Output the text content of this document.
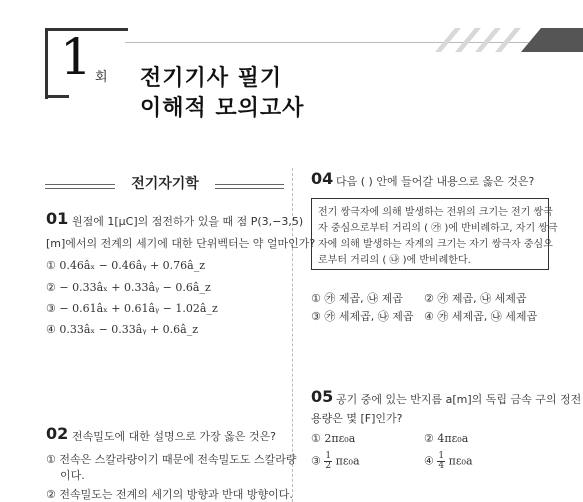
1 회 전기기사 필기
이해적 모의고사
전기자기학
01 원점에 1[μC]의 점전하가 있을 때 점 P(3,−3,5)
[m]에서의 전계의 세기에 대한 단위벡터는 약 얼마인가?
① 0.46âₓ − 0.46âᵧ + 0.76â_z
② − 0.33âₓ + 0.33âᵧ − 0.6â_z
③ − 0.61âₓ + 0.61âᵧ − 1.02â_z
④ 0.33âₓ − 0.33âᵧ + 0.6â_z
02 전속밀도에 대한 설명으로 가장 옳은 것은?
① 전속은 스칼라량이기 때문에 전속밀도도 스칼라량
이다.
② 전속밀도는 전계의 세기의 방향과 반대 방향이다.
04 다음 ( ) 안에 들어갈 내용으로 옳은 것은?
전기 쌍극자에 의해 발생하는 전위의 크기는 전기 쌍극
자 중심으로부터 거리의 ( ㉮ )에 반비례하고, 자기 쌍극
자에 의해 발생하는 자계의 크기는 자기 쌍극자 중심으
로부터 거리의 ( ㉯ )에 반비례한다.
① ㉮ 제곱, ㉯ 제곱 ② ㉮ 제곱, ㉯ 세제곱
③ ㉮ 세제곱, ㉯ 제곱 ④ ㉮ 세제곱, ㉯ 세제곱
05 공기 중에 있는 반지름 a[m]의 독립 금속 구의 정전
용량은 몇 [F]인가?
① 2πε₀a	② 4πε₀a
③ $\frac{1}{2} \pi\varepsilon_0a$	④ $\frac{1}{4} \pi\varepsilon_0a$
